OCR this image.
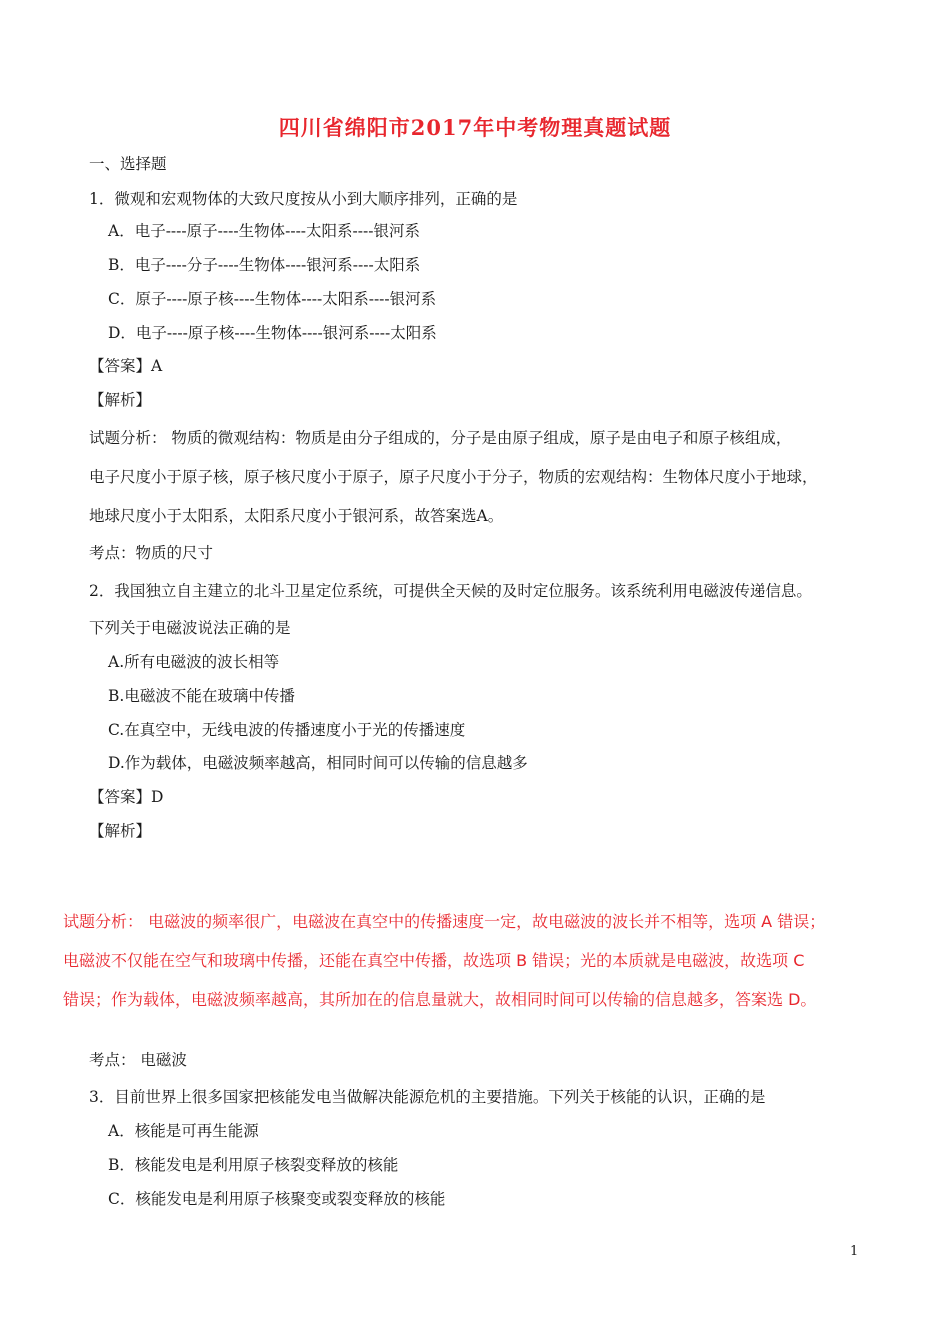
四川省绵阳市2017年中考物理真题试题
一、选择题
1．微观和宏观物体的大致尺度按从小到大顺序排列，正确的是
A．电子----原子----生物体----太阳系----银河系
B．电子----分子----生物体----银河系----太阳系
C．原子----原子核----生物体----太阳系----银河系
D．电子----原子核----生物体----银河系----太阳系
【答案】A
【解析】
试题分析： 物质的微观结构：物质是由分子组成的，分子是由原子组成，原子是由电子和原子核组成，
电子尺度小于原子核，原子核尺度小于原子，原子尺度小于分子，物质的宏观结构：生物体尺度小于地球，
地球尺度小于太阳系，太阳系尺度小于银河系，故答案选A。
考点：物质的尺寸
2．我国独立自主建立的北斗卫星定位系统，可提供全天候的及时定位服务。该系统利用电磁波传递信息。
下列关于电磁波说法正确的是
A.所有电磁波的波长相等
B.电磁波不能在玻璃中传播
C.在真空中，无线电波的传播速度小于光的传播速度
D.作为载体，电磁波频率越高，相同时间可以传输的信息越多
【答案】D
【解析】
试题分析： 电磁波的频率很广，电磁波在真空中的传播速度一定，故电磁波的波长并不相等，选项 A 错误；
电磁波不仅能在空气和玻璃中传播，还能在真空中传播，故选项 B 错误；光的本质就是电磁波，故选项 C
错误；作为载体，电磁波频率越高，其所加在的信息量就大，故相同时间可以传输的信息越多，答案选 D。
考点： 电磁波
3．目前世界上很多国家把核能发电当做解决能源危机的主要措施。下列关于核能的认识，正确的是
A．核能是可再生能源
B．核能发电是利用原子核裂变释放的核能
C．核能发电是利用原子核聚变或裂变释放的核能
1
